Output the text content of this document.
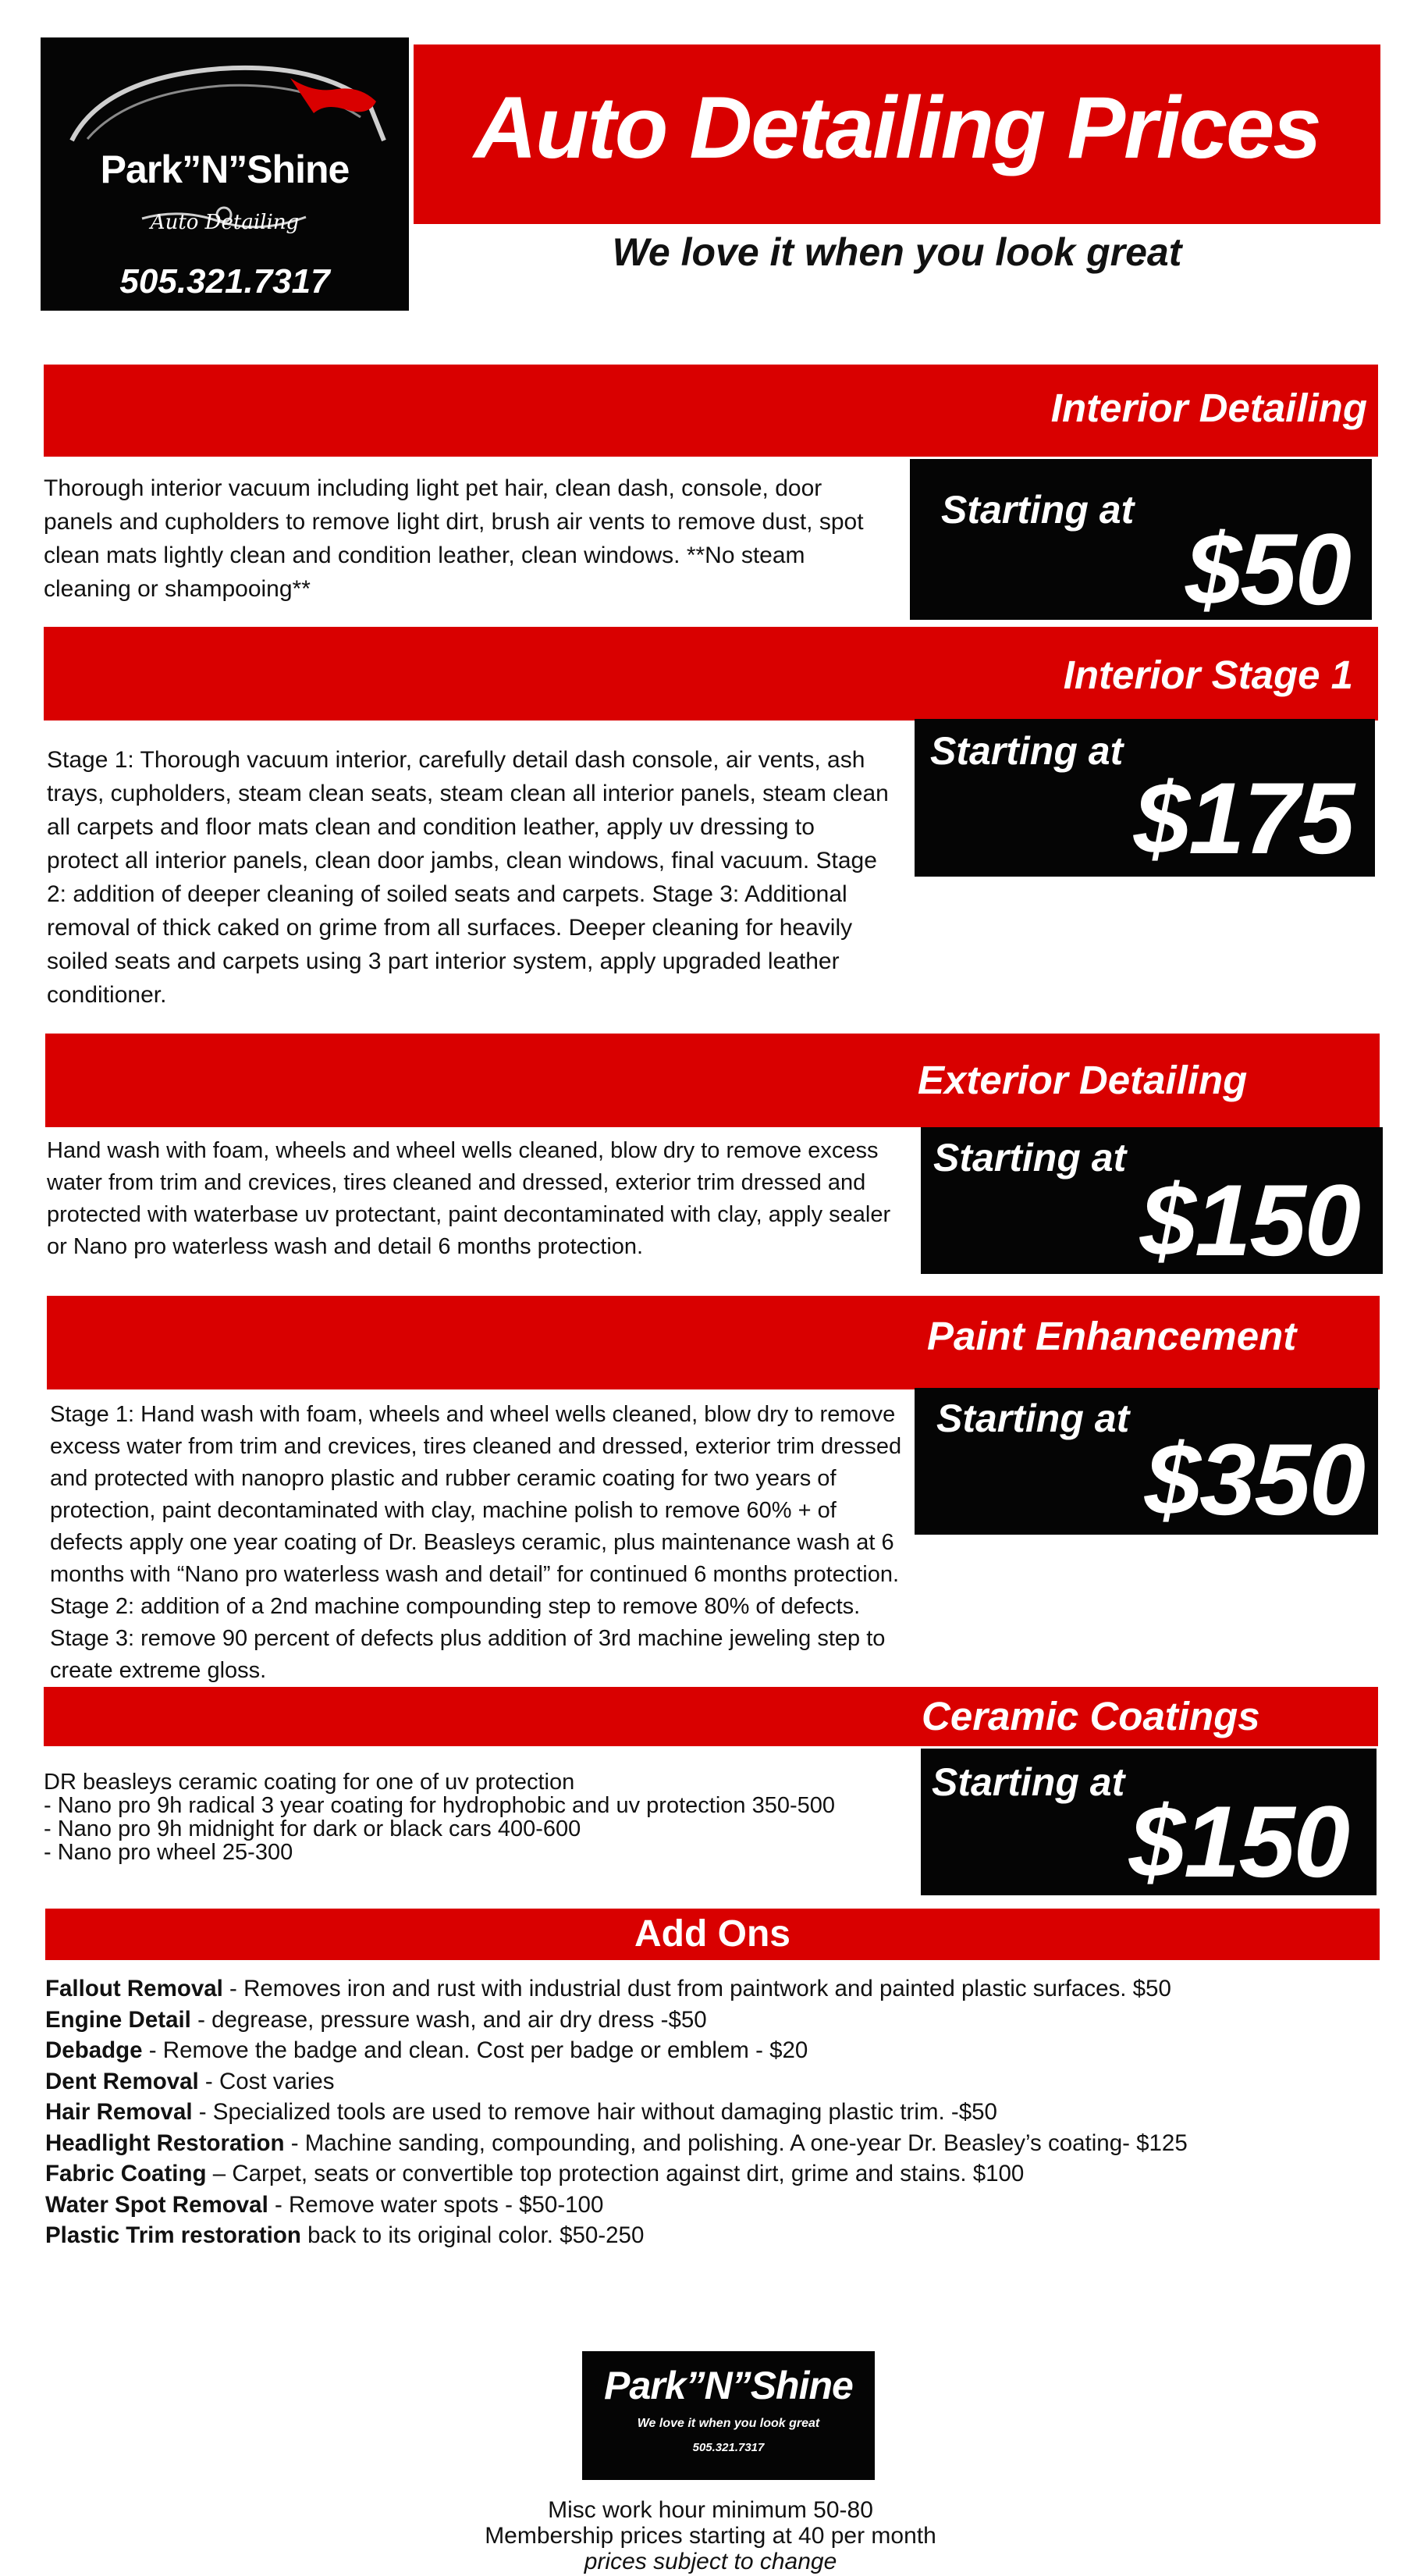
Park”N”Shine
Auto Detailing
505.321.7317
Auto Detailing Prices
We love it when you look great
Interior Detailing
Thorough interior vacuum including light pet hair, clean dash, console, door panels and cupholders to remove light dirt, brush air vents to remove dust, spot clean mats lightly clean and condition leather, clean windows. **No steam cleaning or shampooing**
Starting at
$50
Interior Stage 1
Stage 1: Thorough vacuum interior, carefully detail dash console, air vents, ash trays, cupholders, steam clean seats, steam clean all interior panels, steam clean all carpets and floor mats clean and condition leather, apply uv dressing to protect all interior panels, clean door jambs, clean windows, final vacuum. Stage 2: addition of deeper cleaning of soiled seats and carpets. Stage 3: Additional removal of thick caked on grime from all surfaces. Deeper cleaning for heavily soiled seats and carpets using 3 part interior system, apply upgraded leather conditioner.
Starting at
$175
Exterior Detailing
Hand wash with foam, wheels and wheel wells cleaned, blow dry to remove excess water from trim and crevices, tires cleaned and dressed, exterior trim dressed and protected with waterbase uv protectant, paint decontaminated with clay, apply sealer or Nano pro waterless wash and detail 6 months protection.
Starting at
$150
Paint Enhancement
Stage 1: Hand wash with foam, wheels and wheel wells cleaned, blow dry to remove excess water from trim and crevices, tires cleaned and dressed, exterior trim dressed and protected with nanopro plastic and rubber ceramic coating for two years of protection, paint decontaminated with clay, machine polish to remove 60% + of defects apply one year coating of Dr. Beasleys ceramic, plus maintenance wash at 6 months with “Nano pro waterless wash and detail” for continued 6 months protection. Stage 2: addition of a 2nd machine compounding step to remove 80% of defects. Stage 3: remove 90 percent of defects plus addition of 3rd machine jeweling step to create extreme gloss.
Starting at
$350
Ceramic Coatings
DR beasleys ceramic coating for one of uv protection
- Nano pro 9h radical 3 year coating for hydrophobic and uv protection 350-500
- Nano pro 9h midnight for dark or black cars 400-600
- Nano pro wheel 25-300
Starting at
$150
Add Ons
Fallout Removal - Removes iron and rust with industrial dust from paintwork and painted plastic surfaces. $50
Engine Detail - degrease, pressure wash, and air dry dress -$50
Debadge - Remove the badge and clean. Cost per badge or emblem - $20
Dent Removal - Cost varies
Hair Removal - Specialized tools are used to remove hair without damaging plastic trim. -$50
Headlight Restoration - Machine sanding, compounding, and polishing. A one-year Dr. Beasley’s coating- $125
Fabric Coating – Carpet, seats or convertible top protection against dirt, grime and stains. $100
Water Spot Removal - Remove water spots - $50-100
Plastic Trim restoration back to its original color. $50-250
Park”N”Shine
We love it when you look great
505.321.7317
Misc work hour minimum 50-80
Membership prices starting at 40 per month
prices subject to change
